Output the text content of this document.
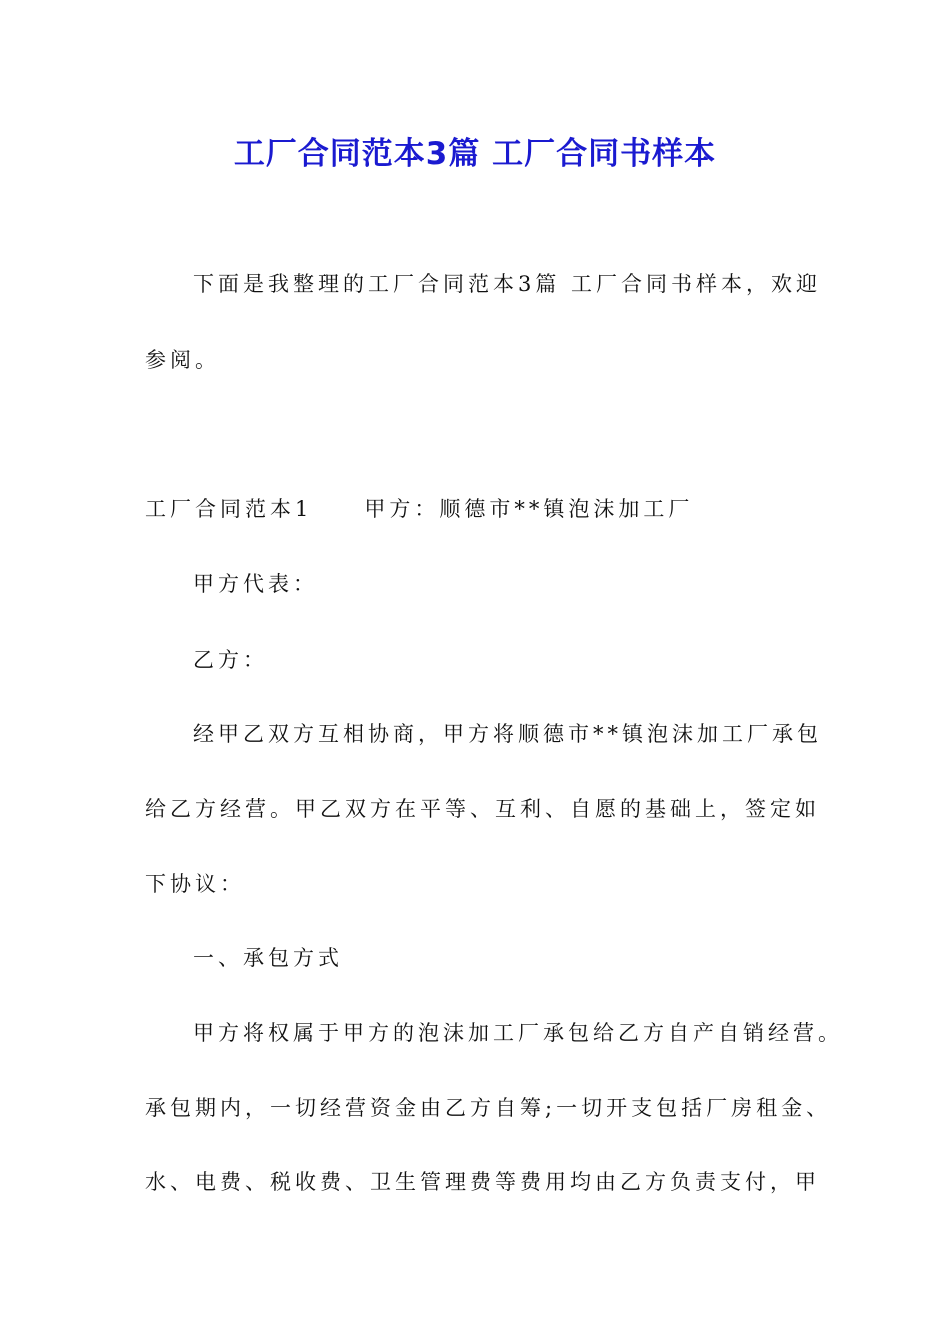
工厂合同范本3篇 工厂合同书样本
下面是我整理的工厂合同范本3篇 工厂合同书样本，欢迎
参阅。
工厂合同范本1 甲方：顺德市**镇泡沫加工厂
甲方代表：
乙方：
经甲乙双方互相协商，甲方将顺德市**镇泡沫加工厂承包
给乙方经营。甲乙双方在平等、互利、自愿的基础上，签定如
下协议：
一、承包方式
甲方将权属于甲方的泡沫加工厂承包给乙方自产自销经营。
承包期内，一切经营资金由乙方自筹;一切开支包括厂房租金、
水、电费、税收费、卫生管理费等费用均由乙方负责支付，甲
